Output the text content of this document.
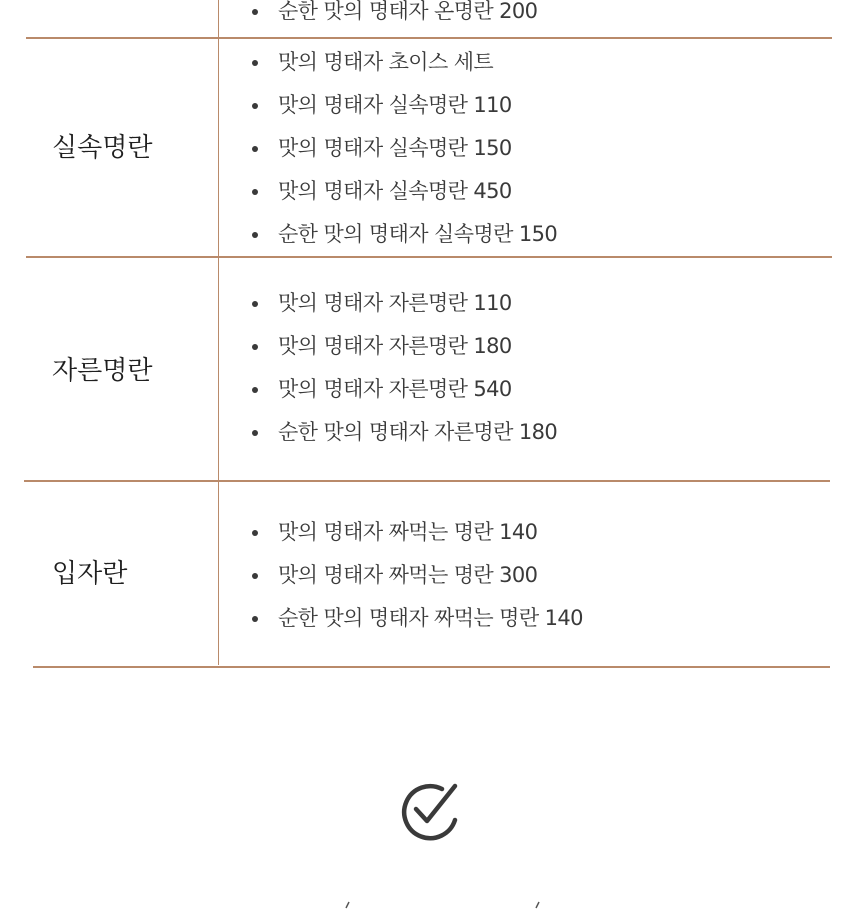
순한 맛의 명태자 온명란 200
실속명란
맛의 명태자 초이스 세트
맛의 명태자 실속명란 110
맛의 명태자 실속명란 150
맛의 명태자 실속명란 450
순한 맛의 명태자 실속명란 150
자른명란
맛의 명태자 자른명란 110
맛의 명태자 자른명란 180
맛의 명태자 자른명란 540
순한 맛의 명태자 자른명란 180
입자란
맛의 명태자 짜먹는 명란 140
맛의 명태자 짜먹는 명란 300
순한 맛의 명태자 짜먹는 명란 140
